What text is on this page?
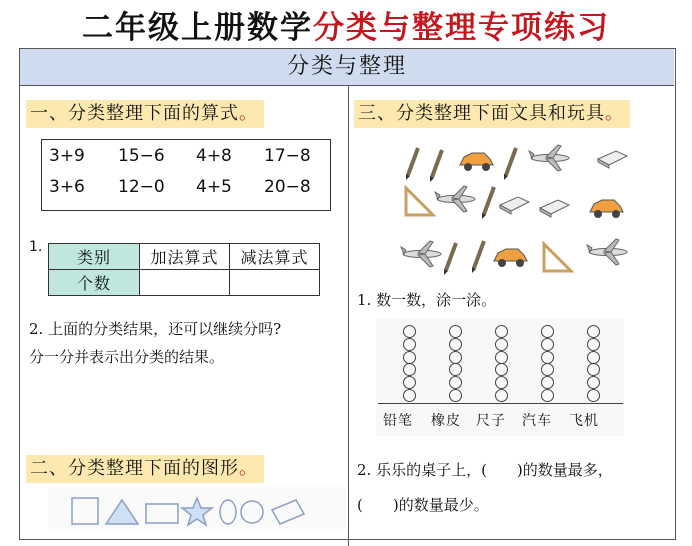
二年级上册数学分类与整理专项练习
分类与整理
一、分类整理下面的算式。
3+9 15−6 4+8 17−8
3+6 12−0 4+5 20−8
1.
类别	加法算式	减法算式
个数		
2. 上面的分类结果，还可以继续分吗?
分一分并表示出分类的结果。
二、分类整理下面的图形。
三、分类整理下面文具和玩具。
1. 数一数，涂一涂。
铅笔 橡皮 尺子 汽车 飞机
2. 乐乐的桌子上，(　　)的数量最多，
(　　)的数量最少。
